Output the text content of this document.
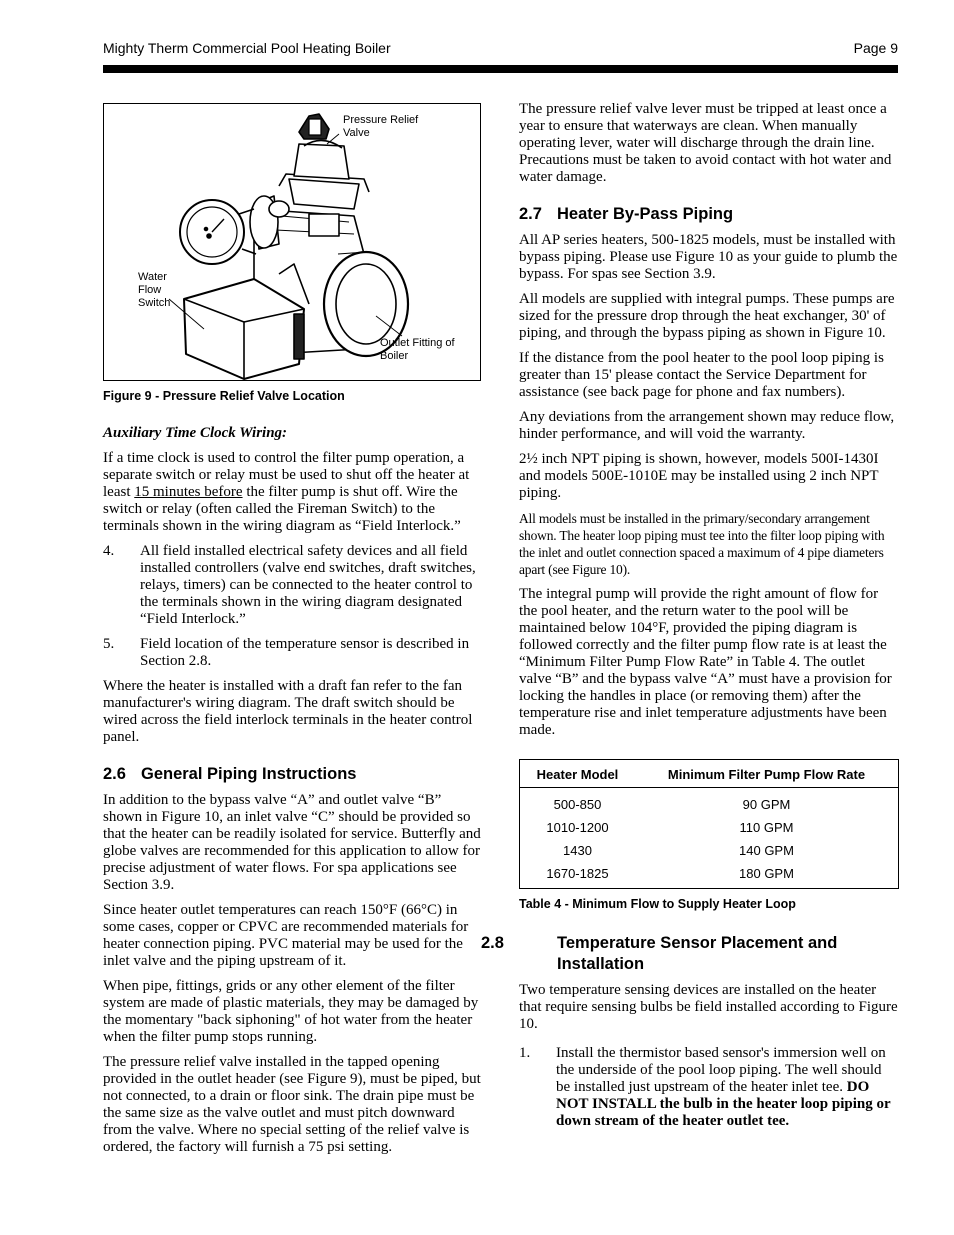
Mighty Therm Commercial Pool Heating Boiler	Page 9
Pressure Relief Valve
Water Flow Switch
Outlet Fitting of Boiler
Figure 9 - Pressure Relief Valve Location
Auxiliary Time Clock Wiring:

If a time clock is used to control the filter pump operation, a separate switch or relay must be used to shut off the heater at least 15 minutes before the filter pump is shut off. Wire the switch or relay (often called the Fireman Switch) to the terminals shown in the wiring diagram as “Field Interlock.”

4. All field installed electrical safety devices and all field installed controllers (valve end switches, draft switches, relays, timers) can be connected to the heater control to the terminals shown in the wiring diagram designated “Field Interlock.”
5. Field location of the temperature sensor is described in Section 2.8.

Where the heater is installed with a draft fan refer to the fan manufacturer's wiring diagram. The draft switch should be wired across the field interlock terminals in the heater control panel.

2.6 General Piping Instructions

In addition to the bypass valve “A” and outlet valve “B” shown in Figure 10, an inlet valve “C” should be provided so that the heater can be readily isolated for service. Butterfly and globe valves are recommended for this application to allow for precise adjustment of water flows. For spa applications see Section 3.9.

Since heater outlet temperatures can reach 150°F (66°C) in some cases, copper or CPVC are recommended materials for heater connection piping. PVC material may be used for the inlet valve and the piping upstream of it.

When pipe, fittings, grids or any other element of the filter system are made of plastic materials, they may be damaged by the momentary "back siphoning" of hot water from the heater when the filter pump stops running.

The pressure relief valve installed in the tapped opening provided in the outlet header (see Figure 9), must be piped, but not connected, to a drain or floor sink. The drain pipe must be the same size as the valve outlet and must pitch downward from the valve. Where no special setting of the relief valve is ordered, the factory will furnish a 75 psi setting.

The pressure relief valve lever must be tripped at least once a year to ensure that waterways are clean. When manually operating lever, water will discharge through the drain line. Precautions must be taken to avoid contact with hot water and water damage.

2.7 Heater By-Pass Piping

All AP series heaters, 500-1825 models, must be installed with bypass piping. Please use Figure 10 as your guide to plumb the bypass. For spas see Section 3.9.

All models are supplied with integral pumps. These pumps are sized for the pressure drop through the heat exchanger, 30' of piping, and through the bypass piping as shown in Figure 10.

If the distance from the pool heater to the pool loop piping is greater than 15' please contact the Service Department for assistance (see back page for phone and fax numbers).

Any deviations from the arrangement shown may reduce flow, hinder performance, and will void the warranty.

2½ inch NPT piping is shown, however, models 500I-1430I and models 500E-1010E may be installed using 2 inch NPT piping.

All models must be installed in the primary/secondary arrangement shown. The heater loop piping must tee into the filter loop piping with the inlet and outlet connection spaced a maximum of 4 pipe diameters apart (see Figure 10).

The integral pump will provide the right amount of flow for the pool heater, and the return water to the pool will be maintained below 104°F, provided the piping diagram is followed correctly and the filter pump flow rate is at least the “Minimum Filter Pump Flow Rate” in Table 4. The outlet valve “B” and the bypass valve “A” must have a provision for locking the handles in place (or removing them) after the temperature rise and inlet temperature adjustments have been made.

Heater Model	Minimum Filter Pump Flow Rate
500-850	90 GPM
1010-1200	110 GPM
1430	140 GPM
1670-1825	180 GPM
Table 4 - Minimum Flow to Supply Heater Loop
2.8	Temperature Sensor Placement and Installation

Two temperature sensing devices are installed on the heater that require sensing bulbs be field installed according to Figure 10.

1. Install the thermistor based sensor's immersion well on the underside of the pool loop piping. The well should be installed just upstream of the heater inlet tee. DO NOT INSTALL the bulb in the heater loop piping or down stream of the heater outlet tee.
